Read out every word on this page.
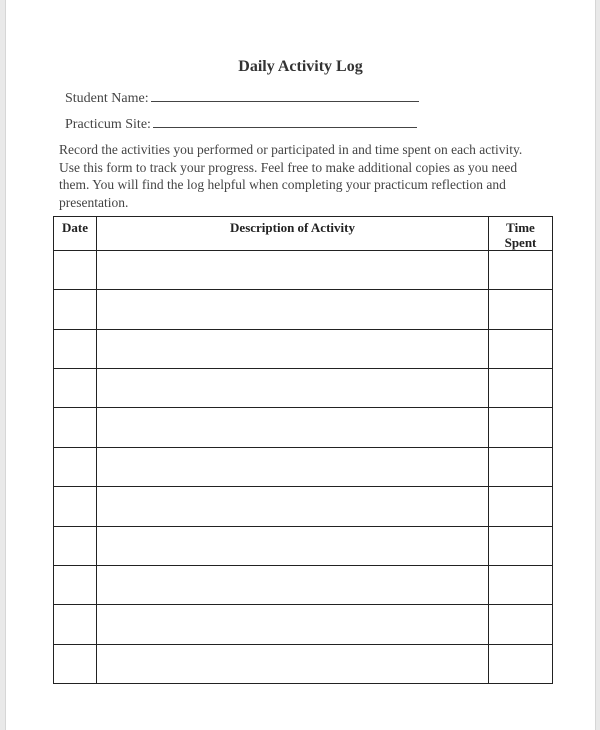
Daily Activity Log
Student Name:
Practicum Site:
Record the activities you performed or participated in and time spent on each activity. Use this form to track your progress. Feel free to make additional copies as you need them. You will find the log helpful when completing your practicum reflection and presentation.
Date	Description of Activity	Time
Spent
